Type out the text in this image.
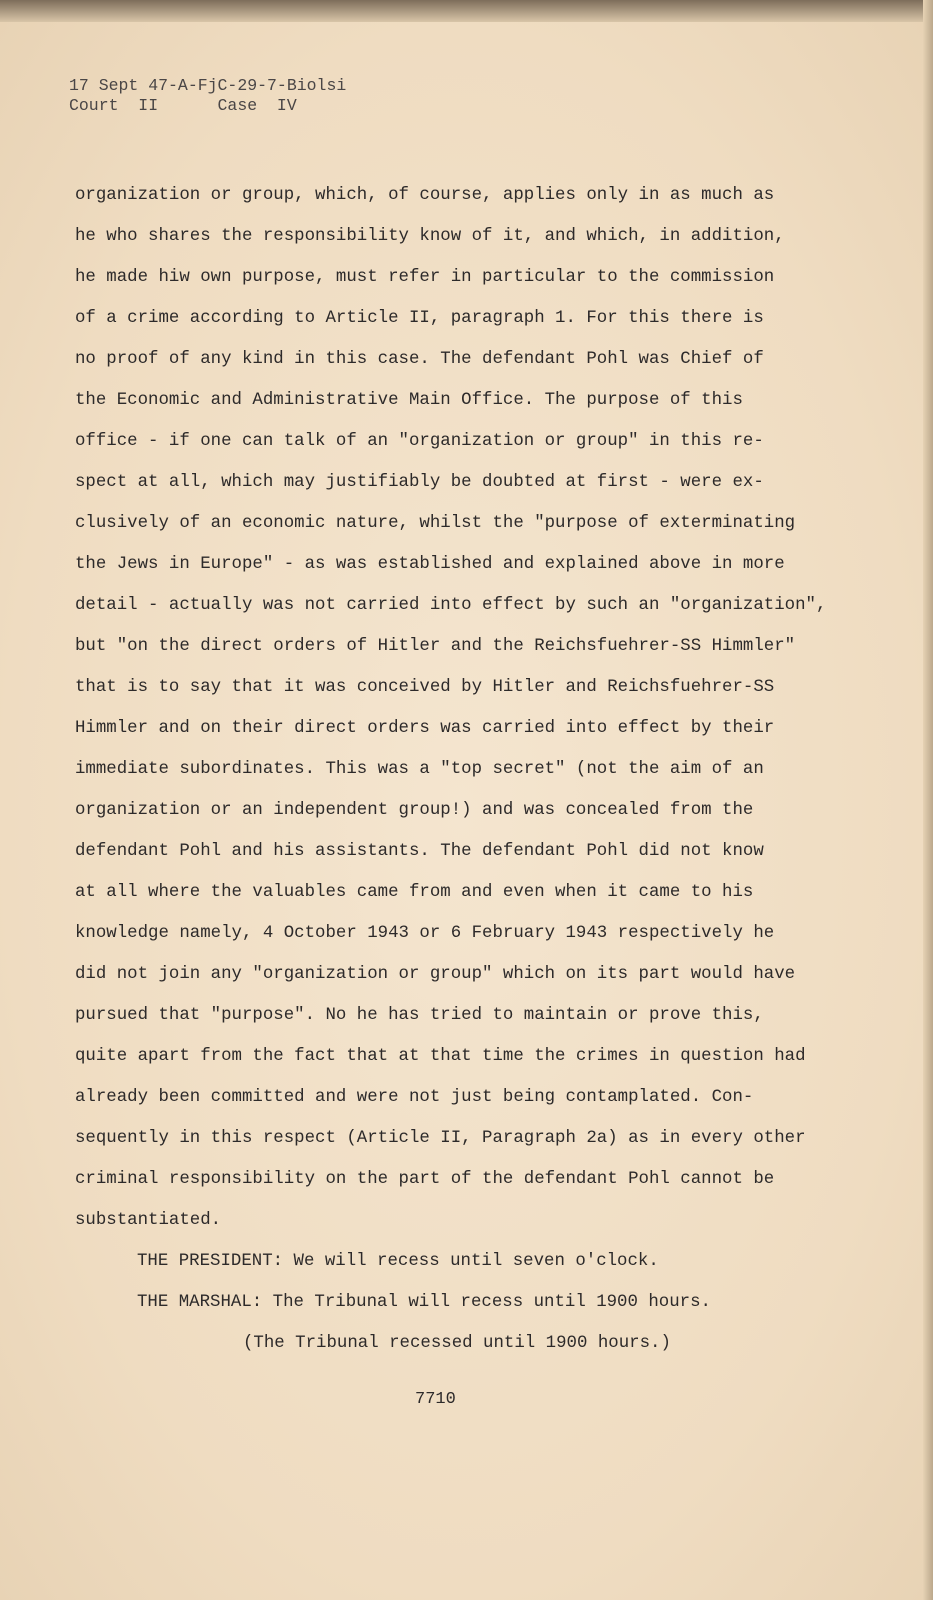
17 Sept 47-A-FjC-29-7-Biolsi
Court  II      Case  IV
organization or group, which, of course, applies only in as much as
he who shares the responsibility know of it, and which, in addition,
he made hiw own purpose, must refer in particular to the commission
of a crime according to Article II, paragraph 1. For this there is
no proof of any kind in this case. The defendant Pohl was Chief of
the Economic and Administrative Main Office. The purpose of this
office - if one can talk of an "organization or group" in this re-
spect at all, which may justifiably be doubted at first - were ex-
clusively of an economic nature, whilst the "purpose of exterminating
the Jews in Europe" - as was established and explained above in more
detail - actually was not carried into effect by such an "organization",
but "on the direct orders of Hitler and the Reichsfuehrer-SS Himmler"
that is to say that it was conceived by Hitler and Reichsfuehrer-SS
Himmler and on their direct orders was carried into effect by their
immediate subordinates. This was a "top secret" (not the aim of an
organization or an independent group!) and was concealed from the
defendant Pohl and his assistants. The defendant Pohl did not know
at all where the valuables came from and even when it came to his
knowledge namely, 4 October 1943 or 6 February 1943 respectively he
did not join any "organization or group" which on its part would have
pursued that "purpose". No he has tried to maintain or prove this,
quite apart from the fact that at that time the crimes in question had
already been committed and were not just being contamplated. Con-
sequently in this respect (Article II, Paragraph 2a) as in every other
criminal responsibility on the part of the defendant Pohl cannot be
substantiated.
THE PRESIDENT: We will recess until seven o'clock.
THE MARSHAL: The Tribunal will recess until 1900 hours.
(The Tribunal recessed until 1900 hours.)
7710
